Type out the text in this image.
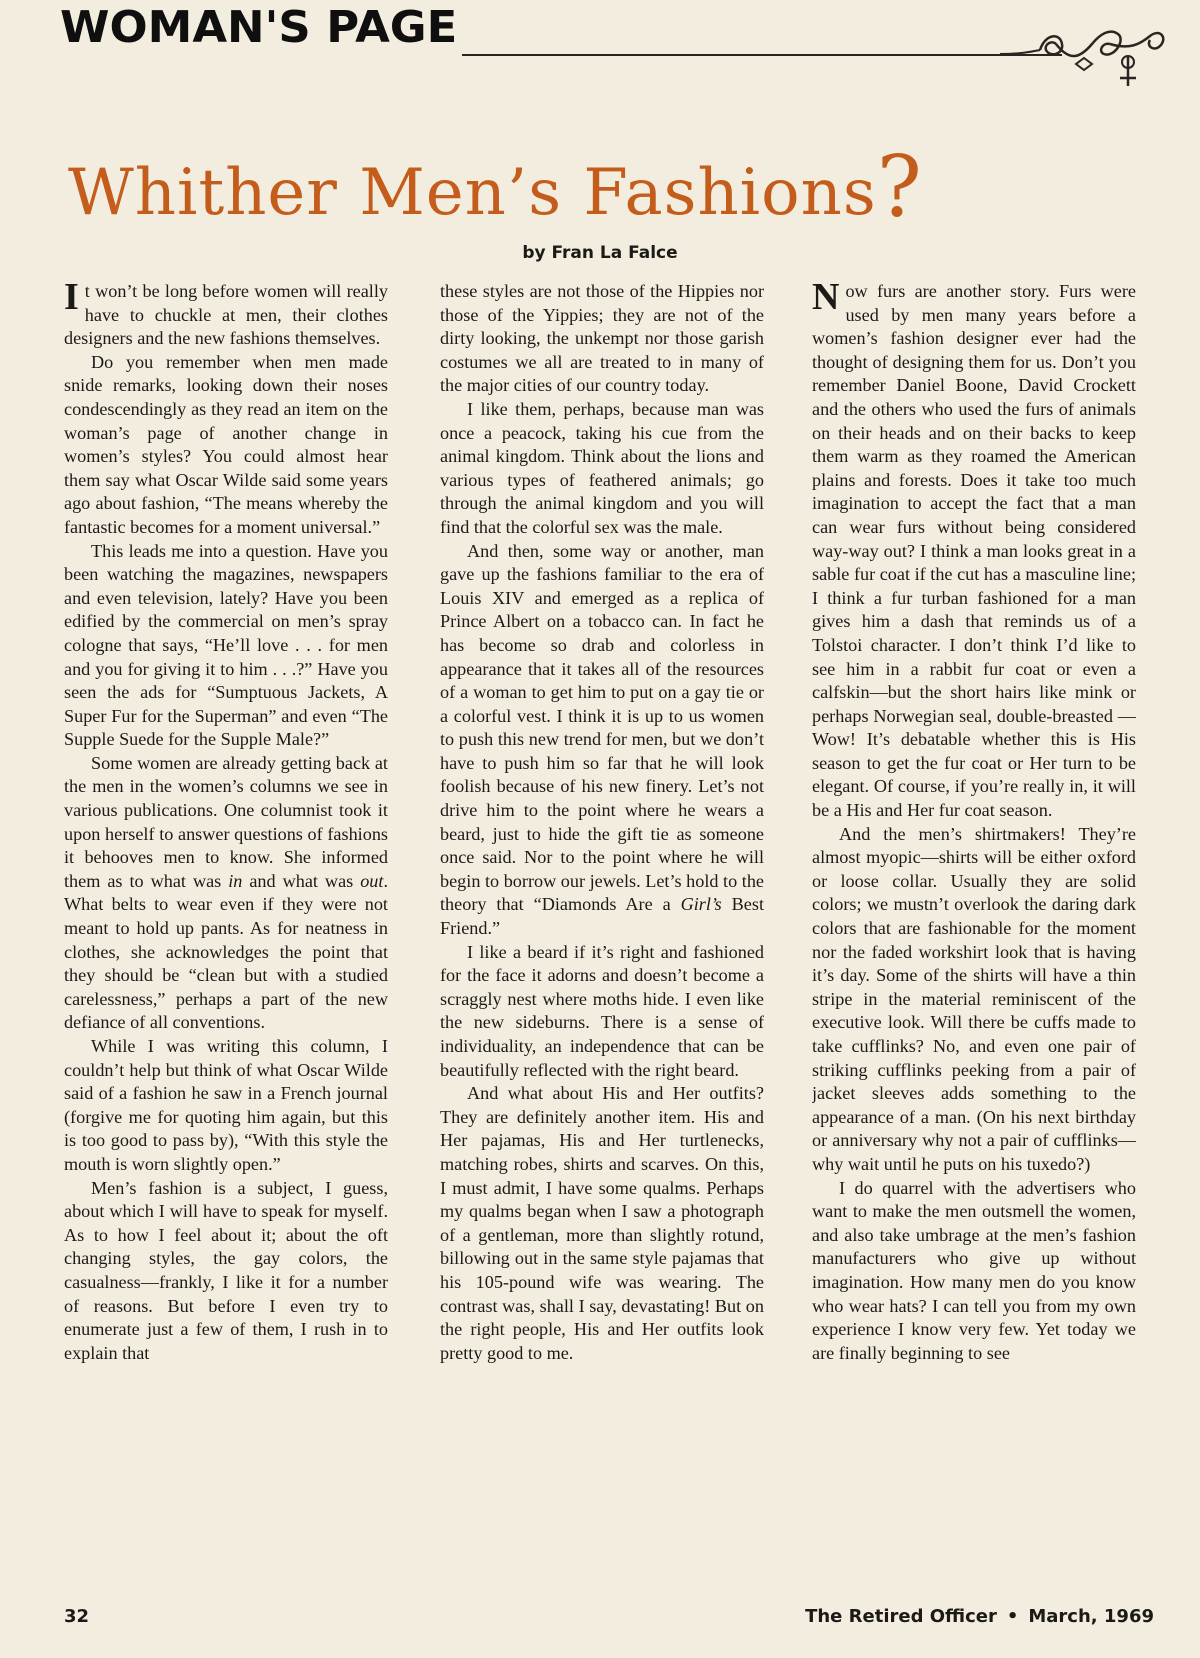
WOMAN'S PAGE
Whither Men’s Fashions?
by Fran La Falce

It won’t be long before women will really have to chuckle at men, their clothes designers and the new fashions themselves.

Do you remember when men made snide remarks, looking down their noses condescendingly as they read an item on the woman’s page of another change in women’s styles? You could almost hear them say what Oscar Wilde said some years ago about fashion, “The means whereby the fantastic becomes for a moment universal.”

This leads me into a question. Have you been watching the magazines, newspapers and even television, lately? Have you been edified by the commercial on men’s spray cologne that says, “He’ll love . . . for men and you for giving it to him . . .?” Have you seen the ads for “Sumptuous Jackets, A Super Fur for the Superman” and even “The Supple Suede for the Supple Male?”

Some women are already getting back at the men in the women’s columns we see in various publications. One columnist took it upon herself to answer questions of fashions it behooves men to know. She informed them as to what was in and what was out. What belts to wear even if they were not meant to hold up pants. As for neatness in clothes, she acknowledges the point that they should be “clean but with a studied carelessness,” perhaps a part of the new defiance of all conventions.

While I was writing this column, I couldn’t help but think of what Oscar Wilde said of a fashion he saw in a French journal (forgive me for quoting him again, but this is too good to pass by), “With this style the mouth is worn slightly open.”

Men’s fashion is a subject, I guess, about which I will have to speak for myself. As to how I feel about it; about the oft changing styles, the gay colors, the casualness—frankly, I like it for a number of reasons. But before I even try to enumerate just a few of them, I rush in to explain that

these styles are not those of the Hippies nor those of the Yippies; they are not of the dirty looking, the unkempt nor those garish costumes we all are treated to in many of the major cities of our country today.

I like them, perhaps, because man was once a peacock, taking his cue from the animal kingdom. Think about the lions and various types of feathered animals; go through the animal kingdom and you will find that the colorful sex was the male.

And then, some way or another, man gave up the fashions familiar to the era of Louis XIV and emerged as a replica of Prince Albert on a tobacco can. In fact he has become so drab and colorless in appearance that it takes all of the resources of a woman to get him to put on a gay tie or a colorful vest. I think it is up to us women to push this new trend for men, but we don’t have to push him so far that he will look foolish because of his new finery. Let’s not drive him to the point where he wears a beard, just to hide the gift tie as someone once said. Nor to the point where he will begin to borrow our jewels. Let’s hold to the theory that “Diamonds Are a Girl’s Best Friend.”

I like a beard if it’s right and fashioned for the face it adorns and doesn’t become a scraggly nest where moths hide. I even like the new sideburns. There is a sense of individuality, an independence that can be beautifully reflected with the right beard.

And what about His and Her outfits? They are definitely another item. His and Her pajamas, His and Her turtlenecks, matching robes, shirts and scarves. On this, I must admit, I have some qualms. Perhaps my qualms began when I saw a photograph of a gentleman, more than slightly rotund, billowing out in the same style pajamas that his 105-pound wife was wearing. The contrast was, shall I say, devastating! But on the right people, His and Her outfits look pretty good to me.

Now furs are another story. Furs were used by men many years before a women’s fashion designer ever had the thought of designing them for us. Don’t you remember Daniel Boone, David Crockett and the others who used the furs of animals on their heads and on their backs to keep them warm as they roamed the American plains and forests. Does it take too much imagination to accept the fact that a man can wear furs without being considered way-way out? I think a man looks great in a sable fur coat if the cut has a masculine line; I think a fur turban fashioned for a man gives him a dash that reminds us of a Tolstoi character. I don’t think I’d like to see him in a rabbit fur coat or even a calfskin—but the short hairs like mink or perhaps Norwegian seal, double-breasted —Wow! It’s debatable whether this is His season to get the fur coat or Her turn to be elegant. Of course, if you’re really in, it will be a His and Her fur coat season.

And the men’s shirtmakers! They’re almost myopic—shirts will be either oxford or loose collar. Usually they are solid colors; we mustn’t overlook the daring dark colors that are fashionable for the moment nor the faded workshirt look that is having it’s day. Some of the shirts will have a thin stripe in the material reminiscent of the executive look. Will there be cuffs made to take cufflinks? No, and even one pair of striking cufflinks peeking from a pair of jacket sleeves adds something to the appearance of a man. (On his next birthday or anniversary why not a pair of cufflinks— why wait until he puts on his tuxedo?)

I do quarrel with the advertisers who want to make the men outsmell the women, and also take umbrage at the men’s fashion manufacturers who give up without imagination. How many men do you know who wear hats? I can tell you from my own experience I know very few. Yet today we are finally beginning to see

32	The Retired Officer • March, 1969
